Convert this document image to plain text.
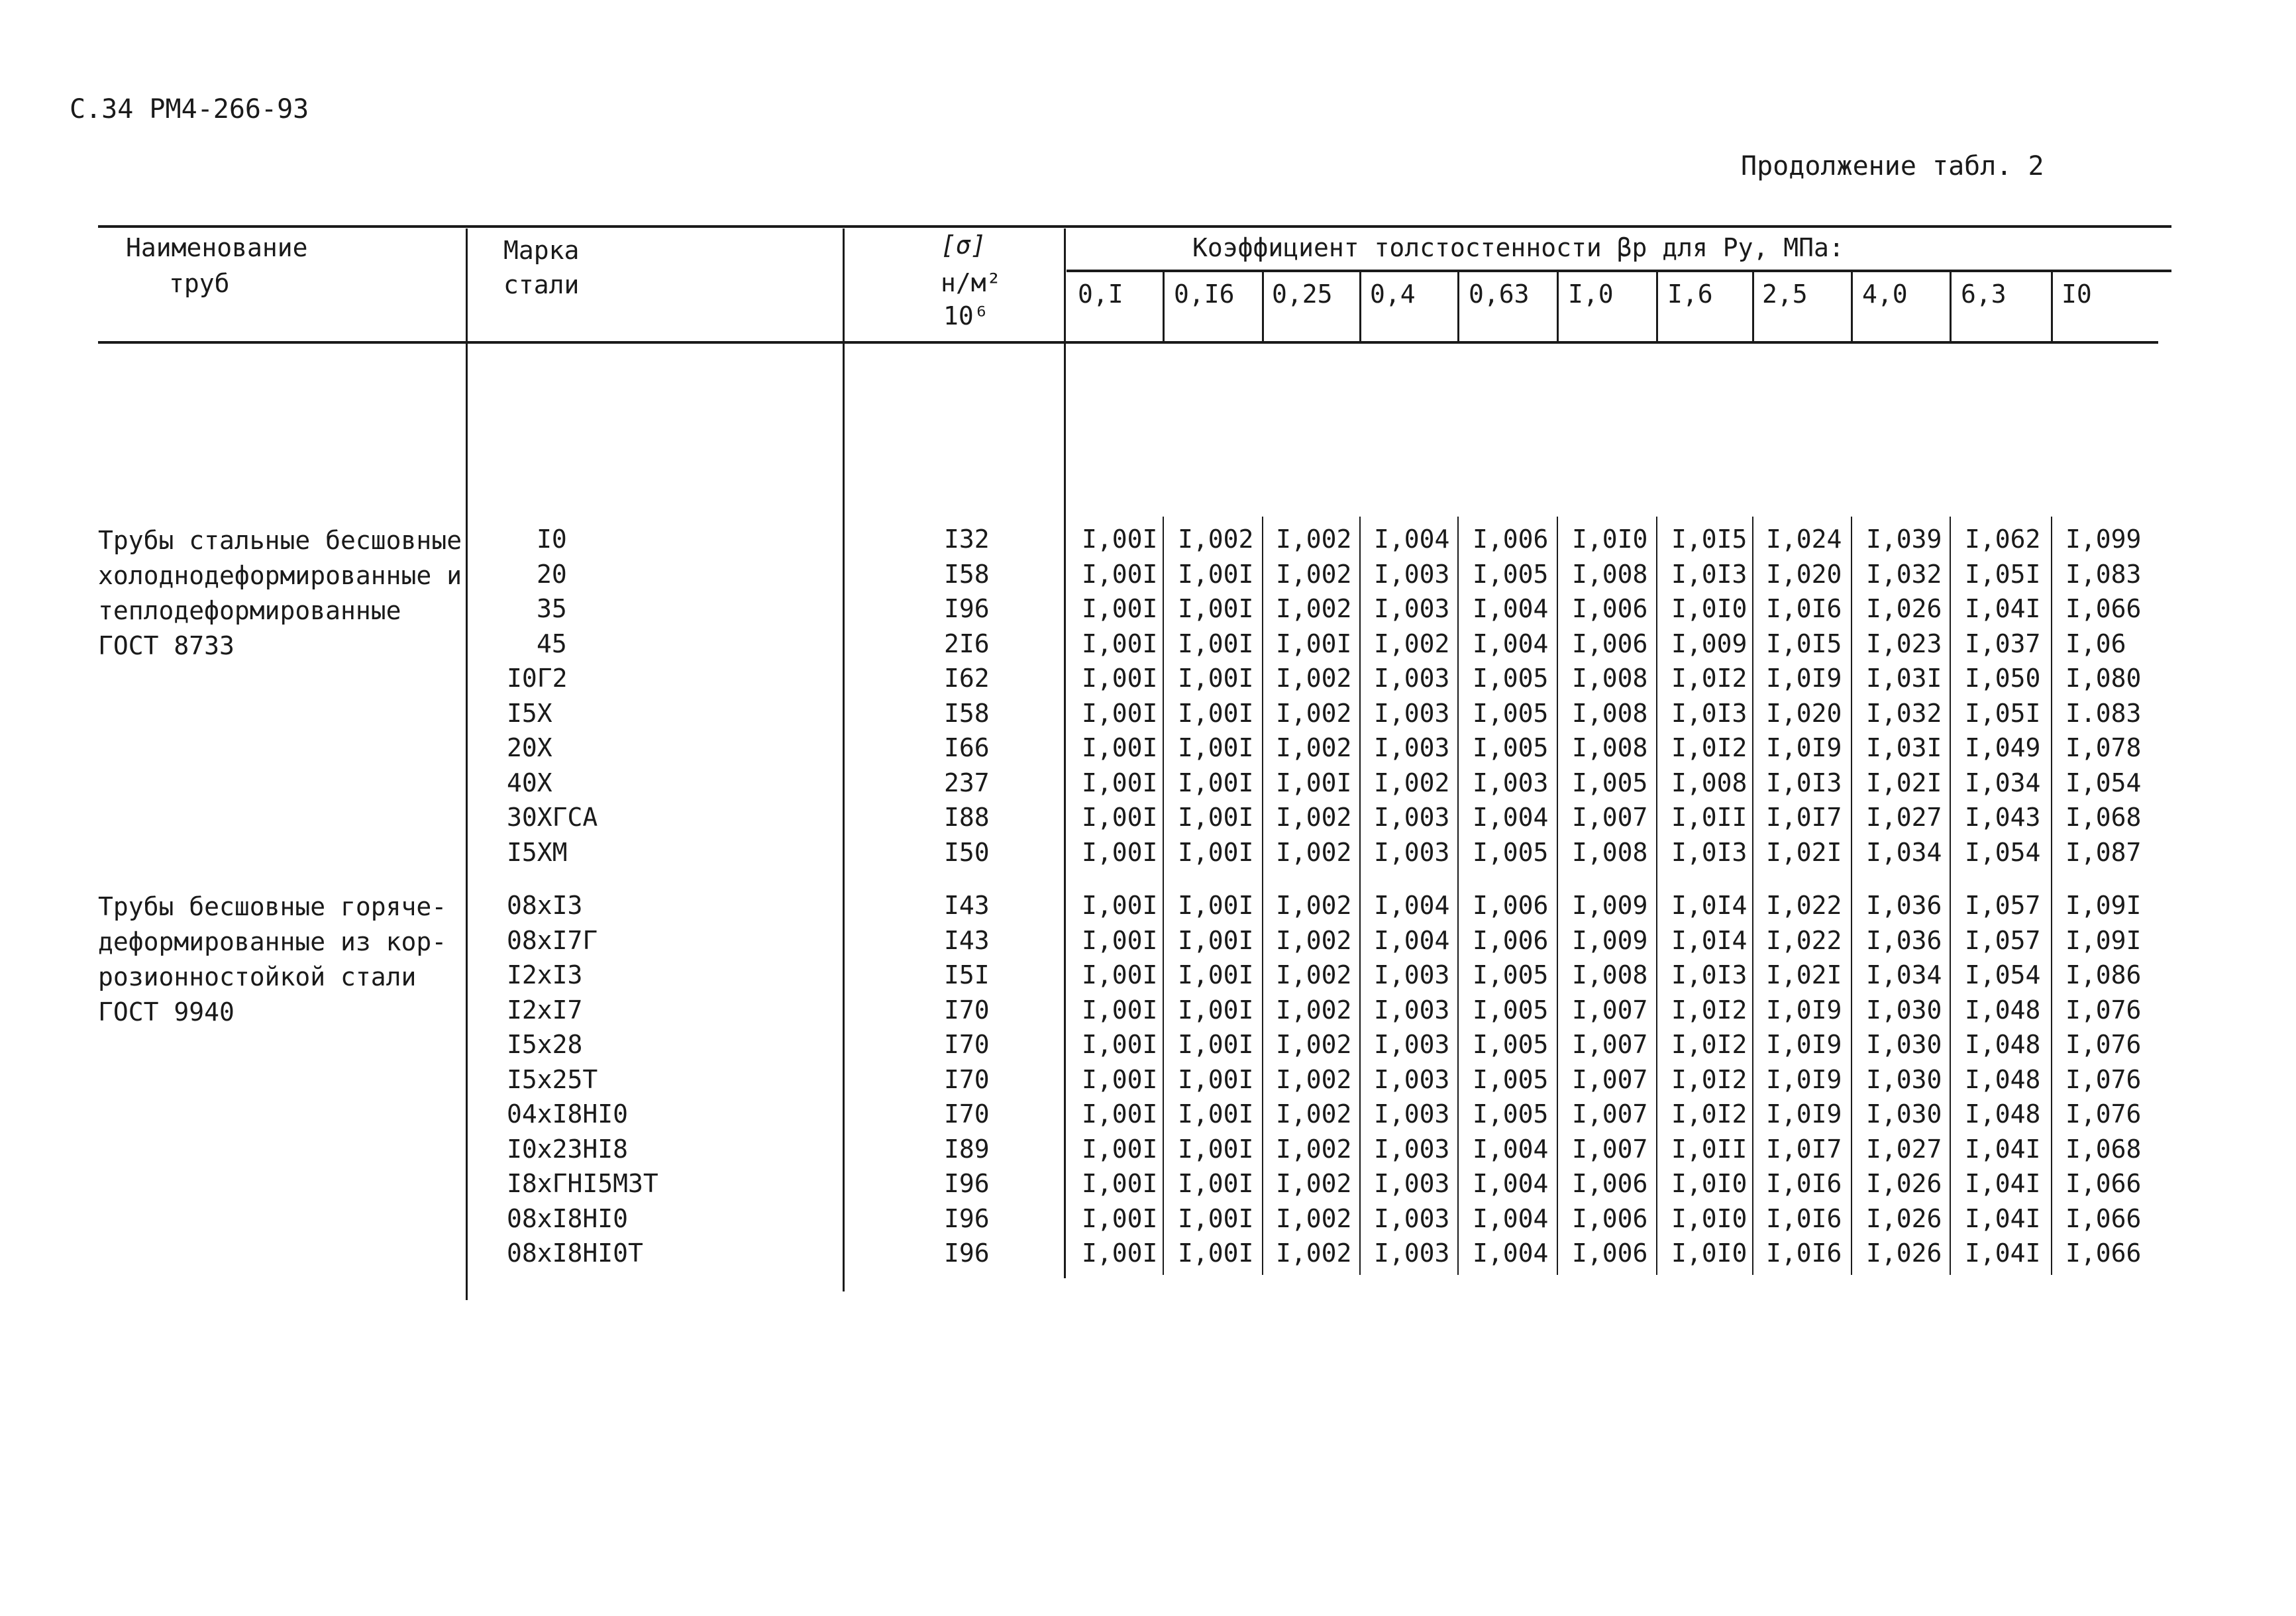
С.34 РМ4-266-93
Продолжение табл. 2
Наименование
труб
Марка
стали
[σ]
н/м²
10⁶
Коэффициент толстостенности βр для Ру, МПа:
0,I 0,I6 0,25 0,4 0,63 I,0 I,6 2,5 4,0 6,3 I0
Трубы стальные бесшовные
холоднодеформированные и
теплодеформированные
ГОСТ 8733
I0	I32	I,00I I,002 I,002 I,004 I,006 I,0I0 I,0I5 I,024 I,039 I,062 I,099
20	I58	I,00I I,00I I,002 I,003 I,005 I,008 I,0I3 I,020 I,032 I,05I I,083
35	I96	I,00I I,00I I,002 I,003 I,004 I,006 I,0I0 I,0I6 I,026 I,04I I,066
45	2I6	I,00I I,00I I,00I I,002 I,004 I,006 I,009 I,0I5 I,023 I,037 I,06
I0Г2	I62	I,00I I,00I I,002 I,003 I,005 I,008 I,0I2 I,0I9 I,03I I,050 I,080
I5X	I58	I,00I I,00I I,002 I,003 I,005 I,008 I,0I3 I,020 I,032 I,05I I.083
20X	I66	I,00I I,00I I,002 I,003 I,005 I,008 I,0I2 I,0I9 I,03I I,049 I,078
40X	237	I,00I I,00I I,00I I,002 I,003 I,005 I,008 I,0I3 I,02I I,034 I,054
30XГСА	I88	I,00I I,00I I,002 I,003 I,004 I,007 I,0II I,0I7 I,027 I,043 I,068
I5XM	I50	I,00I I,00I I,002 I,003 I,005 I,008 I,0I3 I,02I I,034 I,054 I,087
Трубы бесшовные горяче-
деформированные из кор-
розионностойкой стали
ГОСТ 9940
08xI3	I43	I,00I I,00I I,002 I,004 I,006 I,009 I,0I4 I,022 I,036 I,057 I,09I
08xI7Г	I43	I,00I I,00I I,002 I,004 I,006 I,009 I,0I4 I,022 I,036 I,057 I,09I
I2xI3	I5I	I,00I I,00I I,002 I,003 I,005 I,008 I,0I3 I,02I I,034 I,054 I,086
I2xI7	I70	I,00I I,00I I,002 I,003 I,005 I,007 I,0I2 I,0I9 I,030 I,048 I,076
I5x28	I70	I,00I I,00I I,002 I,003 I,005 I,007 I,0I2 I,0I9 I,030 I,048 I,076
I5x25T	I70	I,00I I,00I I,002 I,003 I,005 I,007 I,0I2 I,0I9 I,030 I,048 I,076
04xI8HI0	I70	I,00I I,00I I,002 I,003 I,005 I,007 I,0I2 I,0I9 I,030 I,048 I,076
I0x23HI8	I89	I,00I I,00I I,002 I,003 I,004 I,007 I,0II I,0I7 I,027 I,04I I,068
I8xГНI5M3T	I96	I,00I I,00I I,002 I,003 I,004 I,006 I,0I0 I,0I6 I,026 I,04I I,066
08xI8HI0	I96	I,00I I,00I I,002 I,003 I,004 I,006 I,0I0 I,0I6 I,026 I,04I I,066
08xI8HI0T	I96	I,00I I,00I I,002 I,003 I,004 I,006 I,0I0 I,0I6 I,026 I,04I I,066
